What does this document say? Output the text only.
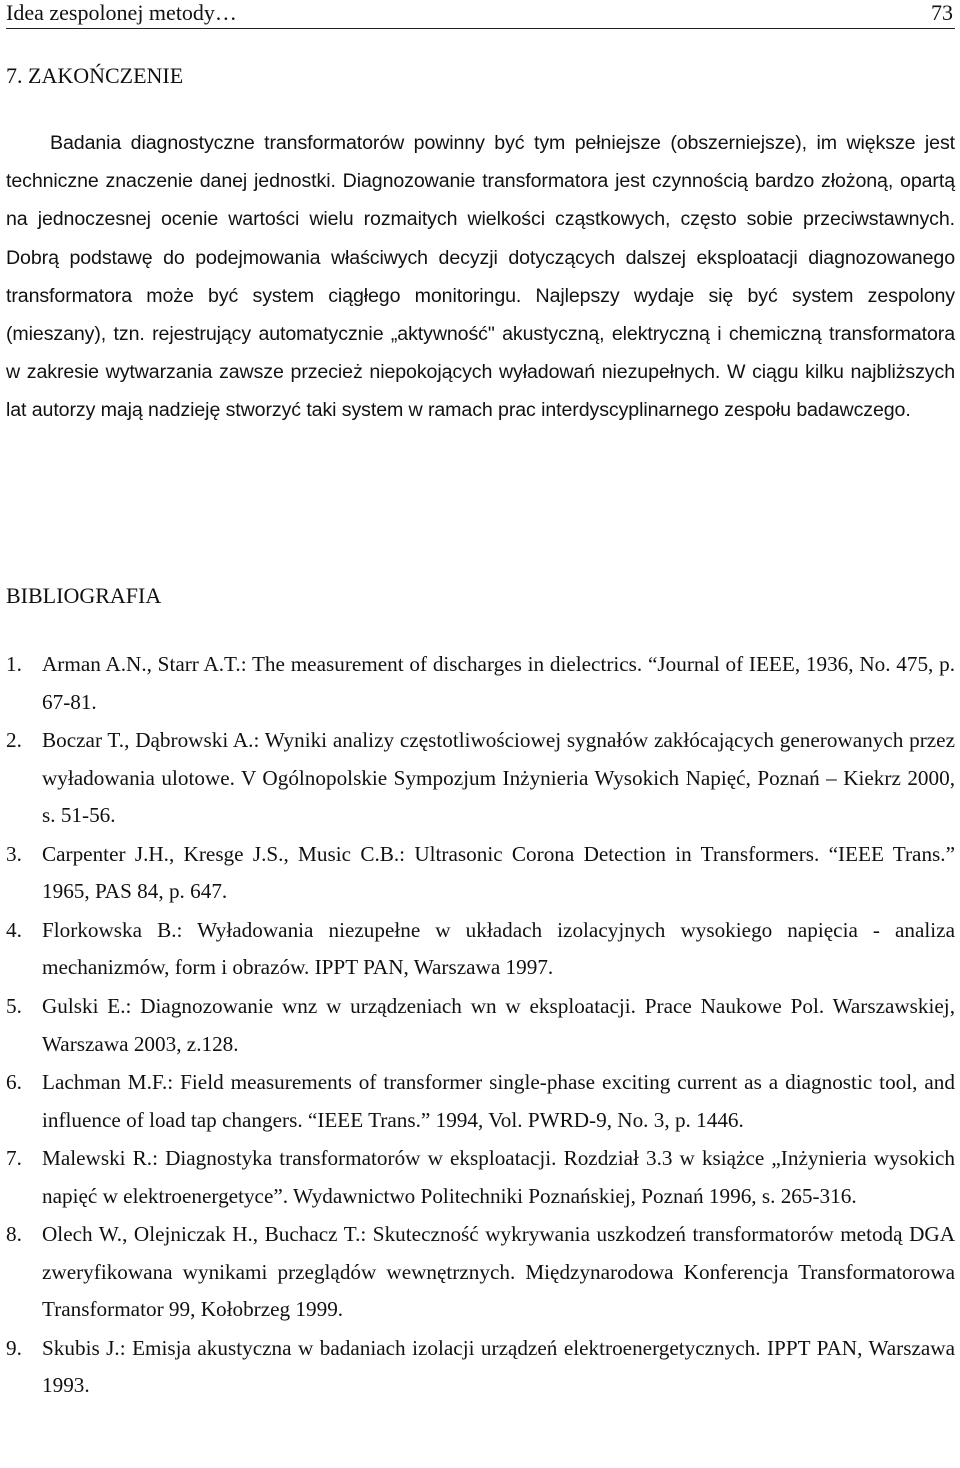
Idea zespolonej metody…	73
7. ZAKOŃCZENIE

Badania diagnostyczne transformatorów powinny być tym pełniejsze (obszerniejsze), im większe jest techniczne znaczenie danej jednostki. Diagnozowanie transformatora jest czynnością bardzo złożoną, opartą na jednoczesnej ocenie wartości wielu rozmaitych wielkości cząstkowych, często sobie przeciwstawnych. Dobrą podstawę do podejmowania właściwych decyzji dotyczących dalszej eksploatacji diagnozowanego transformatora może być system ciągłego monitoringu. Najlepszy wydaje się być system zespolony (mieszany), tzn. rejestrujący automatycznie „aktywność" akustyczną, elektryczną i chemiczną transformatora w zakresie wytwarzania zawsze przecież niepokojących wyładowań niezupełnych. W ciągu kilku najbliższych lat autorzy mają nadzieję stworzyć taki system w ramach prac interdyscyplinarnego zespołu badawczego.

BIBLIOGRAFIA
1. Arman A.N., Starr A.T.: The measurement of discharges in dielectrics. “Journal of IEEE, 1936, No. 475, p. 67-81.
2. Boczar T., Dąbrowski A.: Wyniki analizy częstotliwościowej sygnałów zakłócających generowanych przez wyładowania ulotowe. V Ogólnopolskie Sympozjum Inżynieria Wysokich Napięć, Poznań – Kiekrz 2000, s. 51-56.
3. Carpenter J.H., Kresge J.S., Music C.B.: Ultrasonic Corona Detection in Transformers. “IEEE Trans.” 1965, PAS 84, p. 647.
4. Florkowska B.: Wyładowania niezupełne w układach izolacyjnych wysokiego napięcia - analiza mechanizmów, form i obrazów. IPPT PAN, Warszawa 1997.
5. Gulski E.: Diagnozowanie wnz w urządzeniach wn w eksploatacji. Prace Naukowe Pol. Warszawskiej, Warszawa 2003, z.128.
6. Lachman M.F.: Field measurements of transformer single-phase exciting current as a diagnostic tool, and influence of load tap changers. “IEEE Trans.” 1994, Vol. PWRD-9, No. 3, p. 1446.
7. Malewski R.: Diagnostyka transformatorów w eksploatacji. Rozdział 3.3 w książce „Inżynieria wysokich napięć w elektroenergetyce”. Wydawnictwo Politechniki Poznańskiej, Poznań 1996, s. 265-316.
8. Olech W., Olejniczak H., Buchacz T.: Skuteczność wykrywania uszkodzeń transformatorów metodą DGA zweryfikowana wynikami przeglądów wewnętrznych. Międzynarodowa Konferencja Transformatorowa Transformator 99, Kołobrzeg 1999.
9. Skubis J.: Emisja akustyczna w badaniach izolacji urządzeń elektroenergetycznych. IPPT PAN, Warszawa 1993.
